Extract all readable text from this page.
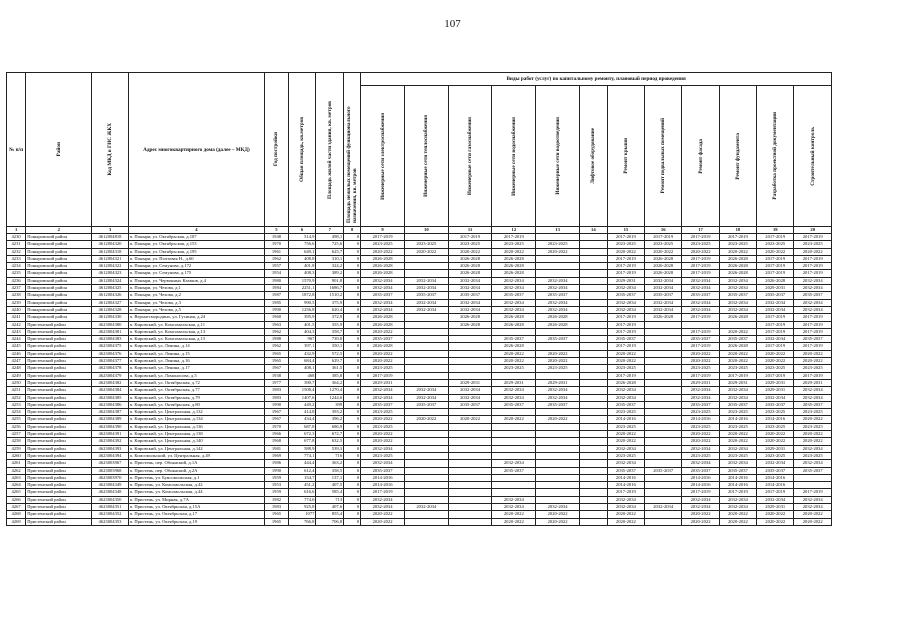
107
№ п/п	Район	Код МКД в ГИС ЖКХ	Адрес многоквартирного дома (далее – МКД)	Год постройки	Общая площадь, кв.метров	Площадь жилой части здания, кв. метров	Площадь нежилых помещений функционального назначения, кв. метров	Виды работ (услуг) по капитальному ремонту, плановый период проведения											

								Инженерные сети электроснабжения	Инженерные сети теплоснабжения	Инженерные сети газоснабжения	Инженерные сети водоснабжения	Инженерные сети водоотведения	Лифтовое оборудование	Ремонт крыши	Ремонт подвальных помещений	Ремонт фасада	Ремонт фундамента	Разработка проектной документации	Строительный контроль

1	2	3	4	5	6	7	8	9	10	11	12	13	14	15	16	17	18	19	20
4230	Поныровский район	4612004818	п. Поныри, ул. Октябрьская, д.107	1948	514,9	498,1	0	2017-2019		2017-2019	2017-2019			2017-2019	2017-2019	2017-2019	2017-2019	2017-2019	2017-2019
4231	Поныровский район	4612004320	п. Поныри, ул. Октябрьская, д.153	1970	756,6	725,6	0	2023-2025	2023-2025	2023-2025	2023-2025	2023-2025		2023-2025	2023-2025	2023-2025	2023-2025	2023-2025	2023-2025
4232	Поныровский район	4612004318	п. Поныри, ул. Октябрьская, д.195	1961	649,1	625,7	0	2020-2022	2020-2022	2020-2022	2020-2022	2020-2022		2020-2022	2020-2022	2020-2022	2020-2022	2020-2022	2020-2022
4233	Поныровский район	4612004321	п. Поныри, ул. Почтовая Н., д.60	1962	408,8	310,1	0	2026-2028		2026-2028	2026-2028			2017-2019	2026-2028	2017-2019	2026-2028	2017-2019	2017-2019
4234	Поныровский район	4612004322	п. Поныри, ул. Семунова, д.172	1957	401,8	324,2	0	2026-2028		2026-2028	2026-2028			2017-2019	2026-2028	2017-2019	2026-2028	2017-2019	2017-2019
4235	Поныровский район	4612004323	п. Поныри, ул. Семунова, д.175	1954	408,3	389,2	0	2026-2028		2026-2028	2026-2028			2017-2019	2026-2028	2017-2019	2026-2028	2017-2019	2017-2019
4236	Поныровский район	4612004324	п. Поныри, ул. Червонных Казаков, д.4	1980	1570,9	901,8	0	2032-2034	2032-2034	2032-2034	2032-2034	2032-2034		2029-2031	2032-2034	2032-2034	2032-2034	2026-2028	2032-2034
4237	Поныровский район	4612004325	п. Поныри, ул. Чехова, д.1	1984	2251,1	1686,7	0	2032-2034	2032-2034	2032-2034	2032-2034	2032-2034		2032-2034	2032-2034	2032-2034	2032-2034	2029-2031	2032-2034
4238	Поныровский район	4612004326	п. Поныри, ул. Чехова, д.2	1987	1872,8	1510,2	0	2035-2037	2035-2037	2035-2037	2035-2037	2035-2037		2035-2037	2035-2037	2035-2037	2035-2037	2035-2037	2035-2037
4239	Поныровский район	4612004327	п. Поныри, ул. Чехова, д.3	1985	990,5	375,9	0	2032-2034	2032-2034	2032-2034	2032-2034	2032-2034		2032-2034	2032-2034	2032-2034	2032-2034	2032-2034	2032-2034
4240	Поныровский район	4612004328	п. Поныри, ул. Чехова, д.5	1990	1256,8	620,4	0	2032-2034	2032-2034	2032-2034	2032-2034	2032-2034		2032-2034	2032-2034	2032-2034	2032-2034	2032-2034	2032-2034
4241	Поныровский район	4612004330	п. Верхнесмородино, ул. Гусиная, д.24	1960	395,9	372,9	0	2026-2028		2026-2028	2026-2028	2026-2028		2017-2019	2026-2028	2017-2019	2026-2028	2017-2019	2017-2019
4242	Пристенский район	4623004380	п. Кировский, ул. Комсомольская, д.11	1963	401,5	355,9	0	2026-2028		2026-2028	2026-2028	2026-2028		2017-2019				2017-2019	2017-2019
4243	Пристенский район	4623004381	п. Кировский, ул. Комсомольская, д.13	1962	404,3	358,7	0	2020-2022						2017-2019		2017-2019	2020-2022	2017-2019	2017-2019
4244	Пристенский район	4623004383	п. Кировский, ул. Комсомольская, д.15	1988	967	739,8	0	2035-2037			2035-2037	2035-2037		2035-2037		2035-2037	2035-2037	2032-2034	2035-2037
4245	Пристенский район	4623004375	п. Кировский, ул. Ленина, д.14	1962	397,1	350,1	0	2026-2028			2026-2028			2017-2019		2017-2019	2026-2028	2017-2019	2017-2019
4246	Пристенский район	4623004376	п. Кировский, ул. Ленина, д.15	1965	432,9	572,5	0	2020-2022			2020-2022	2020-2022		2020-2022		2020-2022	2020-2022	2020-2022	2020-2022
4247	Пристенский район	4623004377	п. Кировский, ул. Ленина, д.16	1965	684,4	629,7	0	2020-2022			2020-2022	2020-2022		2020-2022		2020-2022	2020-2022	2020-2022	2020-2022
4248	Пристенский район	4623004378	п. Кировский, ул. Ленина, д.17	1967	408,1	361,5	0	2023-2025			2023-2025	2023-2025		2023-2025		2023-2025	2023-2025	2023-2025	2023-2025
4249	Пристенский район	4623004379	п. Кировский, ул. Ломоносова, д.5	1938	468	385,8	0	2017-2019						2017-2019		2017-2019	2017-2019	2017-2019	2017-2019
4250	Пристенский район	4623004382	п. Кировский, ул. Октябрьская, д.72	1977	390,7	364,2	0	2029-2031		2029-2031	2029-2031	2029-2031		2026-2028		2029-2031	2029-2031	2029-2031	2029-2031
4251	Пристенский район	4623004384	п. Кировский, ул. Октябрьская, д.77	1983	1508,4	1270,4	0	2032-2034	2032-2034	2032-2034	2032-2034	2032-2034		2032-2034		2032-2034	2032-2034	2029-2031	2032-2034
4252	Пристенский район	4623004385	п. Кировский, ул. Октябрьская, д.79	1983	1407,6	1244,6	0	2032-2034	2032-2034	2032-2034	2032-2034	2032-2034		2032-2034		2032-2034	2032-2034	2032-2034	2032-2034
4253	Пристенский район	4623004386	п. Кировский, ул. Октябрьская, д.80	1990	449,2	399	0	2035-2037	2035-2037	2035-2037	2035-2037	2035-2037		2035-2037		2035-2037	2035-2037	2035-2037	2035-2037
4254	Пристенский район	4623004387	п. Кировский, ул. Центральная, д.132	1967	414,8	393,2	0	2023-2025						2023-2025		2023-2025	2023-2025	2023-2025	2023-2025
4255	Пристенский район	4623004389	п. Кировский, ул. Центральная, д.134	1967	434,4	396,2	0	2020-2022	2020-2022	2020-2022	2020-2022	2020-2022		2014-2016		2014-2016	2014-2016	2014-2016	2020-2022
4256	Пристенский район	4623004390	п. Кировский, ул. Центральная, д.136	1970	687,8	686,9	0	2023-2025						2023-2025		2023-2025	2023-2025	2023-2025	2023-2025
4257	Пристенский район	4623004391	п. Кировский, ул. Центральная, д.138	1966	672,3	672,7	0	2020-2022						2020-2022		2020-2022	2020-2022	2020-2022	2020-2022
4258	Пристенский район	4623004392	п. Кировский, ул. Центральная, д.140	1968	677,8	632,5	0	2020-2022						2020-2022		2020-2022	2020-2022	2020-2022	2020-2022
4259	Пристенский район	4623004393	п. Кировский, ул. Центральная, д.142	1981	588,9	539,3	0	2032-2034						2032-2034		2032-2034	2032-2034	2029-2031	2032-2034
4260	Пристенский район	4623004394	п. Комсомольский, ул. Центральная, д.49	1969	774,1	716	0	2023-2025						2023-2025		2023-2025	2023-2025	2023-2025	2023-2025
4261	Пристенский район	4623003967	п. Пристень, пер. Обоянский, д.1А	1986	444,4	363,2	0	2032-2034			2032-2034			2032-2034		2032-2034	2032-2034	2032-2034	2032-2034
4262	Пристенский район	4623003968	п. Пристень, пер. Обоянский, д.2А	1990	612,4	358,5	0	2035-2037			2035-2037			2035-2037	2035-2037	2035-2037	2035-2037	2035-2037	2035-2037
4263	Пристенский район	4623003970	п. Пристень, ул. Бунсомольская, д.1	1959	154,7	137,1	0	2014-2016						2014-2016		2014-2016	2014-2016	2014-2016	
4264	Пристенский район	4623004349	п. Пристень, ул. Комсомольская, д.42	1953	451,2	407,5	0	2014-2016						2014-2016		2014-2016	2014-2016	2014-2016	
4265	Пристенский район	4623004348	п. Пристень, ул. Комсомольская, д.44	1959	616,6	585,4	0	2017-2019						2017-2019		2017-2019	2017-2019	2017-2019	2017-2019
4266	Пристенский район	4623004350	п. Пристень, ул. Мирная, д.7А	1982	774,6	713	0	2032-2034			2032-2034			2032-2034		2032-2034	2032-2034	2032-2034	2032-2034
4267	Пристенский район	4623004351	п. Пристень, ул. Октябрьская, д.15А	1983	925,8	407,6	0	2032-2034	2032-2034		2032-2034	2032-2034		2032-2034	2032-2034	2032-2034	2032-2034	2029-2031	2032-2034
4268	Пристенский район	4623004352	п. Пристень, ул. Октябрьская, д.17	1965	1077	855,4	0	2020-2022			2020-2022	2020-2022		2020-2022		2020-2022	2020-2022	2020-2022	2020-2022
4269	Пристенский район	4623004353	п. Пристень, ул. Октябрьская, д.19	1965	766,8	706,8	0	2020-2022			2020-2022	2020-2022		2020-2022		2020-2022	2020-2022	2020-2022	2020-2022
